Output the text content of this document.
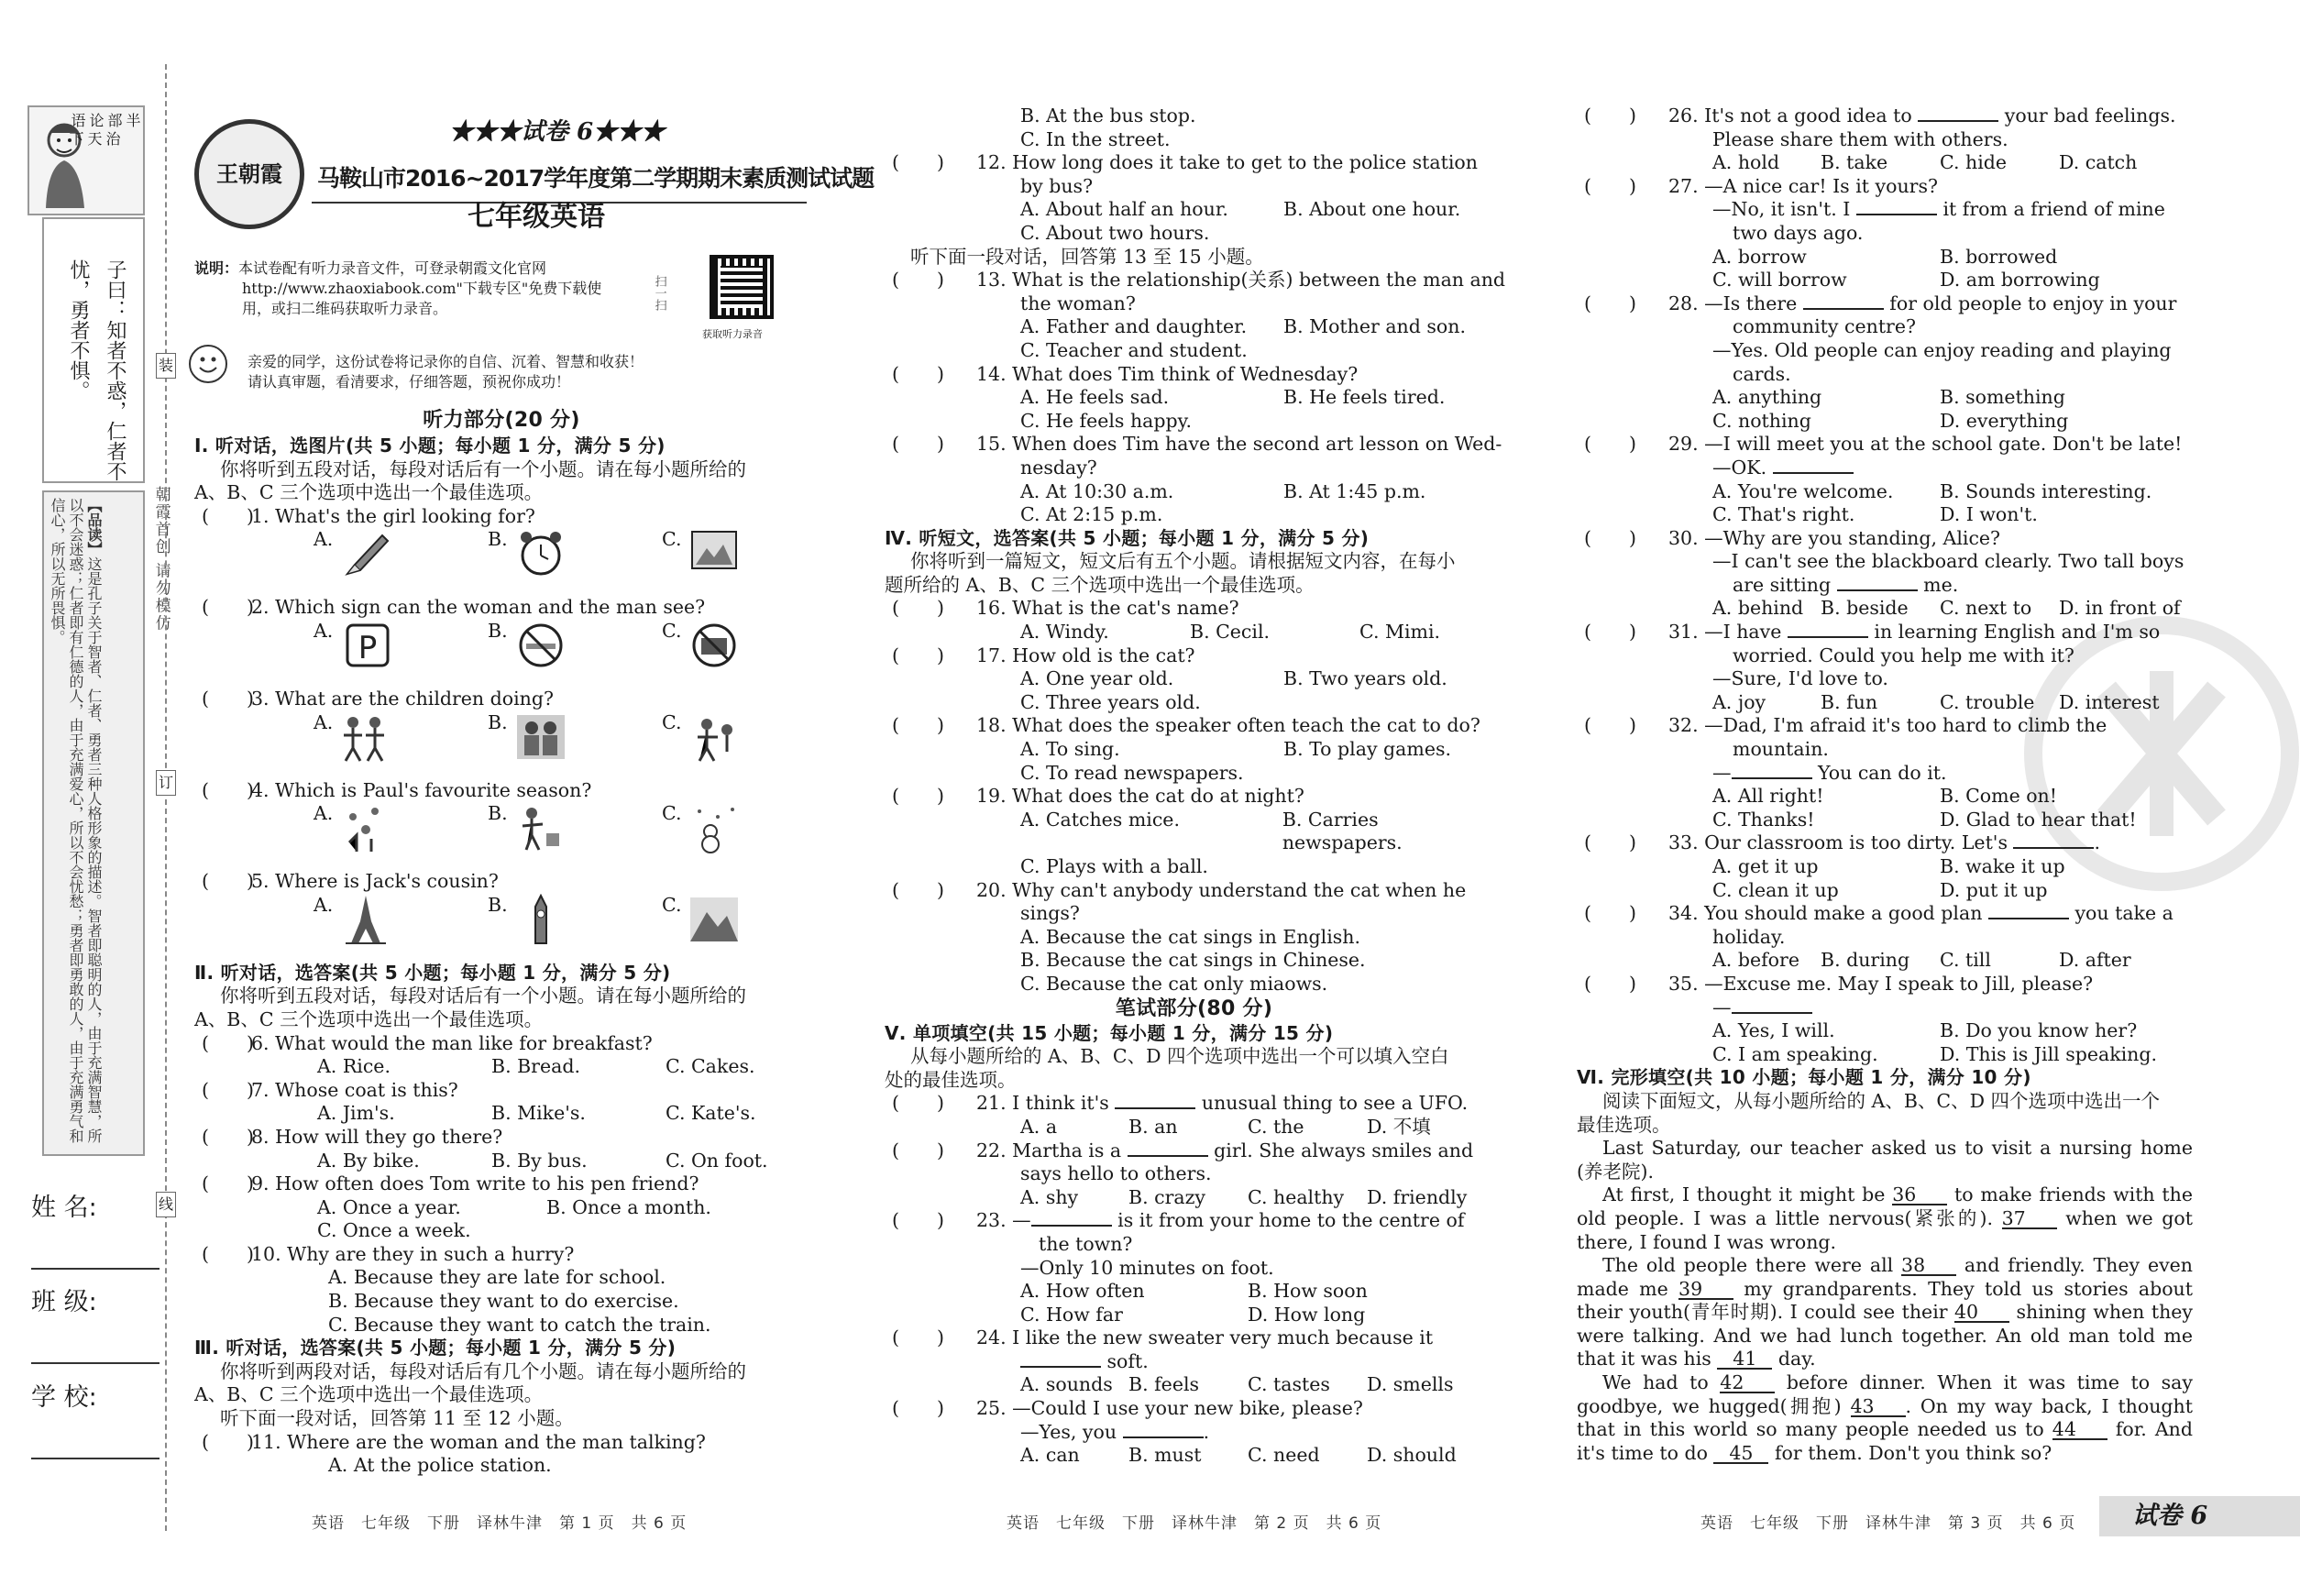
半部论语
治天下
子曰：知者不惑，仁者不
忧，勇者不惧。
【品读】这是孔子关于智者、仁者、勇者三种人格形象的描述。智者即聪明的人，由于充满智慧，所以不会迷惑；仁者即有仁德的人，由于充满爱心，所以不会忧愁；勇者即勇敢的人，由于充满勇气和信心，所以无所畏惧。	朝霞首创 请勿模仿
装
订
线
姓 名:
班 级:
学 校:
王朝霞
★★★试卷 6★★★
马鞍山市2016~2017学年度第二学期期末素质测试试题
七年级英语
说明：本试卷配有听力录音文件，可登录朝霞文化官网
http://www.zhaoxiabook.com"下载专区"免费下载使
用，或扫二维码获取听力录音。	扫一扫
获取听力录音
亲爱的同学，这份试卷将记录你的自信、沉着、智慧和收获！
请认真审题，看清要求，仔细答题，预祝你成功！
听力部分(20 分)
Ⅰ. 听对话，选图片(共 5 小题；每小题 1 分，满分 5 分)
你将听到五段对话，每段对话后有一个小题。请在每小题所给的
A、B、C 三个选项中选出一个最佳选项。
(　　)
1. What's the girl looking for?
A.	B.	C.
(　　)
2. Which sign can the woman and the man see?
A. P	B.	C.
(　　)
3. What are the children doing?
A.	B.	C.
(　　)
4. Which is Paul's favourite season?
A.	B.	C.
(　　)
5. Where is Jack's cousin?
A.	B.	C.
Ⅱ. 听对话，选答案(共 5 小题；每小题 1 分，满分 5 分)
你将听到五段对话，每段对话后有一个小题。请在每小题所给的
A、B、C 三个选项中选出一个最佳选项。
(　　)
6. What would the man like for breakfast?
A. Rice.	B. Bread.	C. Cakes.
(　　)
7. Whose coat is this?
A. Jim's.	B. Mike's.	C. Kate's.
(　　)
8. How will they go there?
A. By bike.	B. By bus.	C. On foot.
(　　)
9. How often does Tom write to his pen friend?
A. Once a year.	B. Once a month.
C. Once a week.
(　　)
10. Why are they in such a hurry?
A. Because they are late for school.
B. Because they want to do exercise.
C. Because they want to catch the train.
Ⅲ. 听对话，选答案(共 5 小题；每小题 1 分，满分 5 分)
你将听到两段对话，每段对话后有几个小题。请在每小题所给的
A、B、C 三个选项中选出一个最佳选项。
听下面一段对话，回答第 11 至 12 小题。
(　　)
11. Where are the woman and the man talking?
A. At the police station.
英语　七年级　下册　译林牛津　第 1 页　共 6 页
B. At the bus stop.
C. In the street.
(　　) 12. How long does it take to get to the police station
by bus?
A. About half an hour.	B. About one hour.
C. About two hours.
听下面一段对话，回答第 13 至 15 小题。
(　　) 13. What is the relationship(关系) between the man and
the woman?
A. Father and daughter.	B. Mother and son.
C. Teacher and student.
(　　) 14. What does Tim think of Wednesday?
A. He feels sad.	B. He feels tired.
C. He feels happy.
(　　) 15. When does Tim have the second art lesson on Wed-
nesday?
A. At 10:30 a.m.	B. At 1:45 p.m.
C. At 2:15 p.m.
Ⅳ. 听短文，选答案(共 5 小题；每小题 1 分，满分 5 分)
你将听到一篇短文，短文后有五个小题。请根据短文内容，在每小
题所给的 A、B、C 三个选项中选出一个最佳选项。
(　　) 16. What is the cat's name?
A. Windy.	B. Cecil.	C. Mimi.
(　　) 17. How old is the cat?
A. One year old.	B. Two years old.
C. Three years old.
(　　) 18. What does the speaker often teach the cat to do?
A. To sing.	B. To play games.
C. To read newspapers.
(　　) 19. What does the cat do at night?
A. Catches mice.	B. Carries newspapers.
C. Plays with a ball.
(　　) 20. Why can't anybody understand the cat when he
sings?
A. Because the cat sings in English.
B. Because the cat sings in Chinese.
C. Because the cat only miaows.
笔试部分(80 分)
Ⅴ. 单项填空(共 15 小题；每小题 1 分，满分 15 分)
从每小题所给的 A、B、C、D 四个选项中选出一个可以填入空白
处的最佳选项。
(　　) 21. I think it's	unusual thing to see a UFO.
A. a	B. an	C. the	D. 不填
(　　) 22. Martha is a	girl. She always smiles and
says hello to others.
A. shy	B. crazy	C. healthy	D. friendly
(　　) 23. —	is it from your home to the centre of
the town?
—Only 10 minutes on foot.
A. How often	B. How soon
C. How far	D. How long
(　　) 24. I like the new sweater very much because it
soft.
A. sounds B. feels	C. tastes	D. smells
(　　) 25. —Could I use your new bike, please?
—Yes, you	.
A. can	B. must	C. need	D. should
英语　七年级　下册　译林牛津　第 2 页　共 6 页
(　　) 26. It's not a good idea to	your bad feelings.
Please share them with others.
A. hold	B. take	C. hide	D. catch
(　　) 27. —A nice car! Is it yours?
—No, it isn't. I	it from a friend of mine
two days ago.
A. borrow	B. borrowed
C. will borrow	D. am borrowing
(　　) 28. —Is there	for old people to enjoy in your
community centre?
—Yes. Old people can enjoy reading and playing
cards.
A. anything	B. something
C. nothing	D. everything
(　　) 29. —I will meet you at the school gate. Don't be late!
—OK.
A. You're welcome.	B. Sounds interesting.
C. That's right.	D. I won't.
(　　) 30. —Why are you standing, Alice?
—I can't see the blackboard clearly. Two tall boys
are sitting	me.
A. behind B. beside	C. next to	D. in front of
(　　) 31. —I have	in learning English and I'm so
worried. Could you help me with it?
—Sure, I'd love to.
A. joy	B. fun	C. trouble	D. interest
(　　) 32. —Dad, I'm afraid it's too hard to climb the
mountain.
—	You can do it.
A. All right!	B. Come on!
C. Thanks!	D. Glad to hear that!
(　　) 33. Our classroom is too dirty. Let's	.
A. get it up	B. wake it up
C. clean it up	D. put it up
(　　) 34. You should make a good plan	you take a
holiday.
A. before	B. during	C. till	D. after
(　　) 35. —Excuse me. May I speak to Jill, please?
—
A. Yes, I will.	B. Do you know her?
C. I am speaking.	D. This is Jill speaking.
Ⅵ. 完形填空(共 10 小题；每小题 1 分，满分 10 分)
阅读下面短文，从每小题所给的 A、B、C、D 四个选项中选出一个
最佳选项。
Last Saturday, our teacher asked us to visit a nursing home
(养老院).
At first, I thought it might be 36 to make friends with the
old people. I was a little nervous(紧张的). 37 when we got
there, I found I was wrong.
The old people there were all 38 and friendly. They even
made me 39 my grandparents. They told us stories about
their youth(青年时期). I could see their 40 shining when they
were talking. And we had lunch together. An old man told me
that it was his 41 day.
We had to 42 before dinner. When it was time to say
goodbye, we hugged(拥抱) 43 . On my way back, I thought
that in this world so many people needed us to 44 for. And
it's time to do 45 for them. Don't you think so?
英语　七年级　下册　译林牛津　第 3 页　共 6 页 试卷 6
